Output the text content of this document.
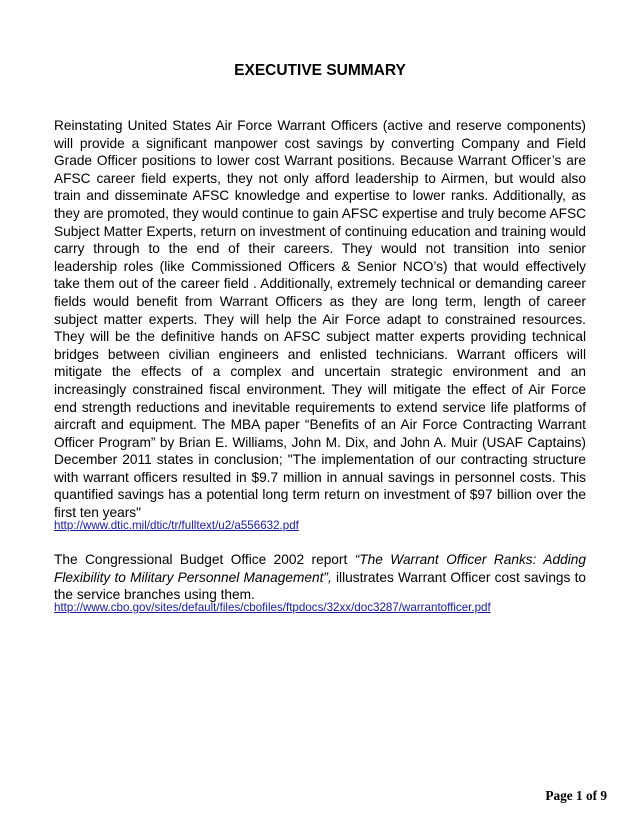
EXECUTIVE SUMMARY
Reinstating United States Air Force Warrant Officers (active and reserve components) will provide a significant manpower cost savings by converting Company and Field Grade Officer positions to lower cost Warrant positions. Because Warrant Officer’s are AFSC career field experts, they not only afford leadership to Airmen, but would also train and disseminate AFSC knowledge and expertise to lower ranks. Additionally, as they are promoted, they would continue to gain AFSC expertise and truly become AFSC Subject Matter Experts, return on investment of continuing education and training would carry through to the end of their careers. They would not transition into senior leadership roles (like Commissioned Officers & Senior NCO’s) that would effectively take them out of the career field . Additionally, extremely technical or demanding career fields would benefit from Warrant Officers as they are long term, length of career subject matter experts. They will help the Air Force adapt to constrained resources. They will be the definitive hands on AFSC subject matter experts providing technical bridges between civilian engineers and enlisted technicians. Warrant officers will mitigate the effects of a complex and uncertain strategic environment and an increasingly constrained fiscal environment. They will mitigate the effect of Air Force end strength reductions and inevitable requirements to extend service life platforms of aircraft and equipment. The MBA paper “Benefits of an Air Force Contracting Warrant Officer Program” by Brian E. Williams, John M. Dix, and John A. Muir (USAF Captains) December 2011 states in conclusion; "The implementation of our contracting structure with warrant officers resulted in $9.7 million in annual savings in personnel costs. This quantified savings has a potential long term return on investment of $97 billion over the first ten years"
http://www.dtic.mil/dtic/tr/fulltext/u2/a556632.pdf
The Congressional Budget Office 2002 report “The Warrant Officer Ranks: Adding Flexibility to Military Personnel Management”, illustrates Warrant Officer cost savings to the service branches using them.
http://www.cbo.gov/sites/default/files/cbofiles/ftpdocs/32xx/doc3287/warrantofficer.pdf
Page 1 of 9
